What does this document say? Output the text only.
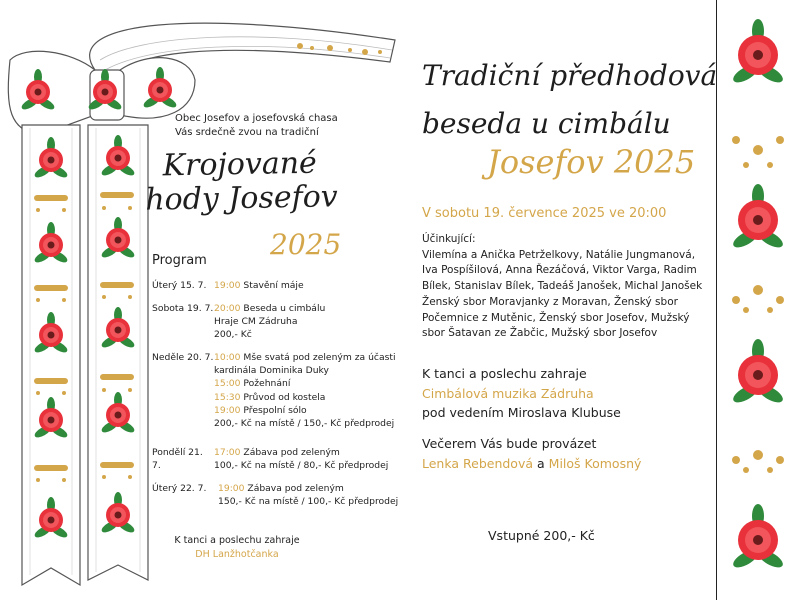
Obec Josefov a josefovská chasa
Vás srdečně zvou na tradiční
Krojované
hody Josefov
2025
Program
Úterý 15. 7. 19:00 Stavění máje
Sobota 19. 7. 20:00 Beseda u cimbálu
Hraje CM Zádruha
200,- Kč
Neděle 20. 7. 10:00 Mše svatá pod zeleným za účasti
kardinála Dominika Duky
15:00 Požehnání
15:30 Průvod od kostela
19:00 Přespolní sólo
200,- Kč na místě / 150,- Kč předprodej
Pondělí 21. 7.
17:00 Zábava pod zeleným
100,- Kč na místě / 80,- Kč předprodej
Úterý 22. 7.	19:00 Zábava pod zeleným
150,- Kč na místě / 100,- Kč předprodej
K tanci a poslechu zahraje
DH Lanžhotčanka
Tradiční předhodová
beseda u cimbálu
Josefov 2025
V sobotu 19. července 2025 ve 20:00
Účinkující:
Vilemína a Anička Petrželkovy, Natálie Jungmanová, Iva Pospíšilová, Anna Řezáčová, Viktor Varga, Radim Bílek, Stanislav Bílek, Tadeáš Janošek, Michal Janošek Ženský sbor Moravjanky z Moravan, Ženský sbor Počemnice z Mutěnic, Ženský sbor Josefov, Mužský sbor Šatavan ze Žabčic, Mužský sbor Josefov
K tanci a poslechu zahraje
Cimbálová muzika Zádruha
pod vedením Miroslava Klubuse
Večerem Vás bude provázet
Lenka Rebendová a Miloš Komosný
Vstupné 200,- Kč
